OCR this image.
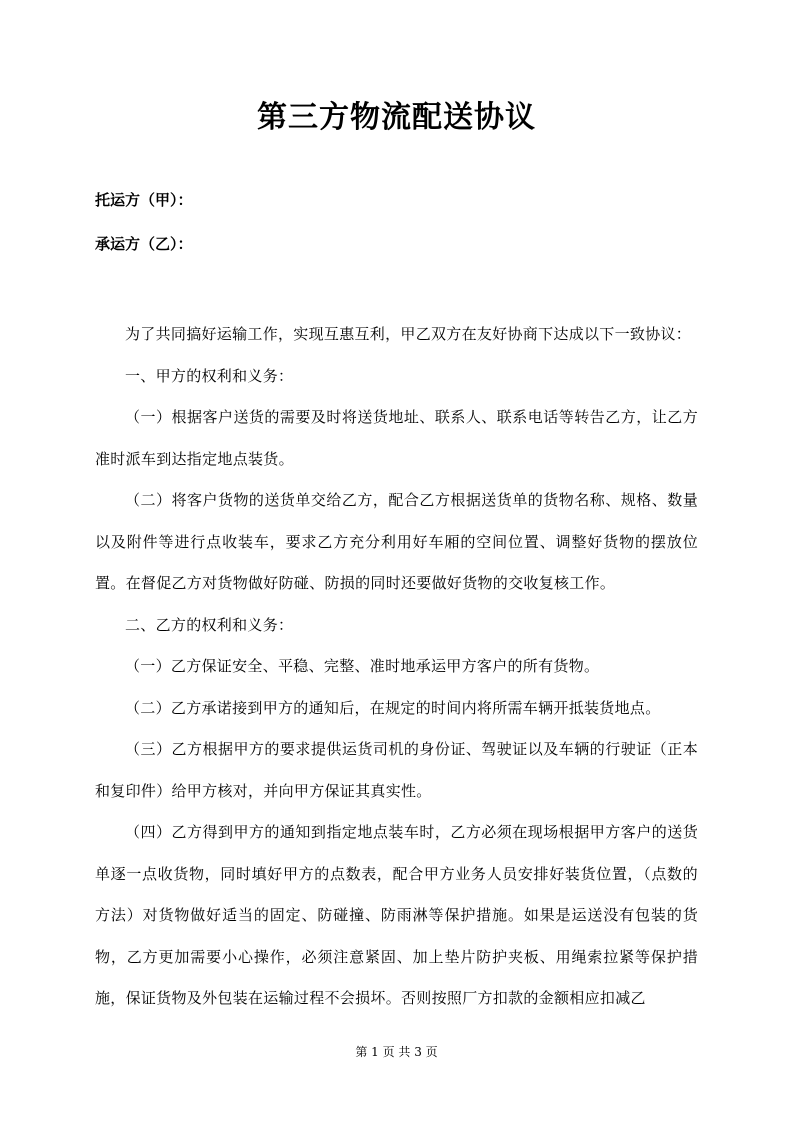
第三方物流配送协议
托运方（甲）：
承运方（乙）：

为了共同搞好运输工作，实现互惠互利，甲乙双方在友好协商下达成以下一致协议：

一、甲方的权利和义务：

（一）根据客户送货的需要及时将送货地址、联系人、联系电话等转告乙方，让乙方准时派车到达指定地点装货。

（二）将客户货物的送货单交给乙方，配合乙方根据送货单的货物名称、规格、数量以及附件等进行点收装车，要求乙方充分利用好车厢的空间位置、调整好货物的摆放位置。在督促乙方对货物做好防碰、防损的同时还要做好货物的交收复核工作。

二、乙方的权利和义务：

（一）乙方保证安全、平稳、完整、准时地承运甲方客户的所有货物。

（二）乙方承诺接到甲方的通知后，在规定的时间内将所需车辆开抵装货地点。

（三）乙方根据甲方的要求提供运货司机的身份证、驾驶证以及车辆的行驶证（正本和复印件）给甲方核对，并向甲方保证其真实性。

（四）乙方得到甲方的通知到指定地点装车时，乙方必须在现场根据甲方客户的送货单逐一点收货物，同时填好甲方的点数表，配合甲方业务人员安排好装货位置，（点数的方法）对货物做好适当的固定、防碰撞、防雨淋等保护措施。如果是运送没有包装的货物，乙方更加需要小心操作，必须注意紧固、加上垫片防护夹板、用绳索拉紧等保护措施，保证货物及外包装在运输过程不会损坏。否则按照厂方扣款的金额相应扣减乙

第 1 页 共 3 页
